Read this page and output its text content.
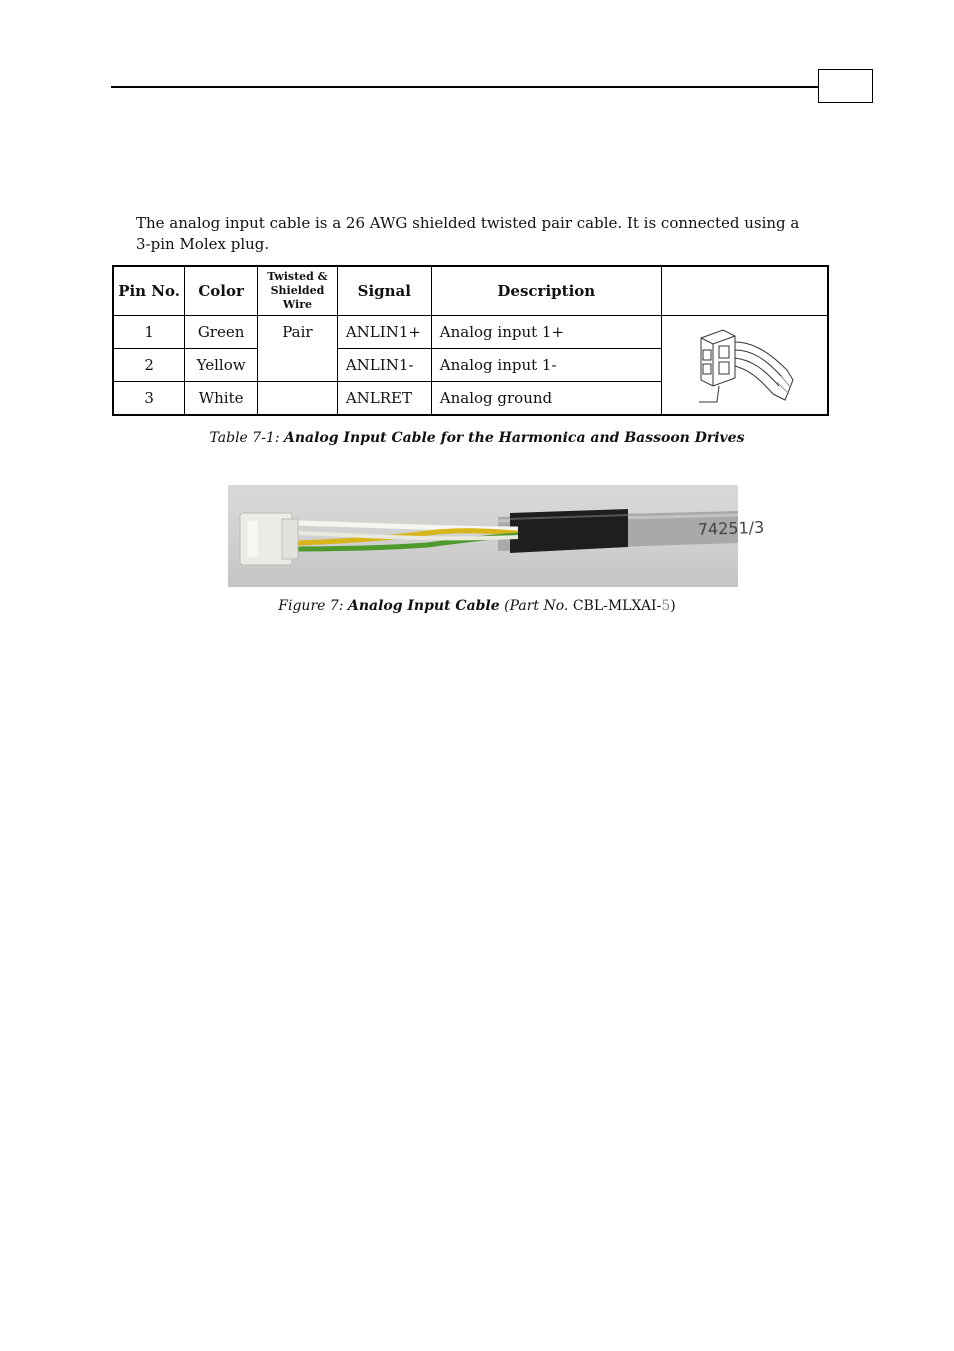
The analog input cable is a 26 AWG shielded twisted pair cable. It is connected using a 3-pin Molex plug.

Pin No.	Color	Twisted & Shielded Wire	Signal	Description	
1	Green	Pair	ANLIN1+	Analog input 1+	
2	Yellow		ANLIN1-	Analog input 1-	
3	White		ANLRET	Analog ground	

Table 7-1: Analog Input Cable for the Harmonica and Bassoon Drives

74251/3

Figure 7: Analog Input Cable (Part No. CBL-MLXAI-5)
